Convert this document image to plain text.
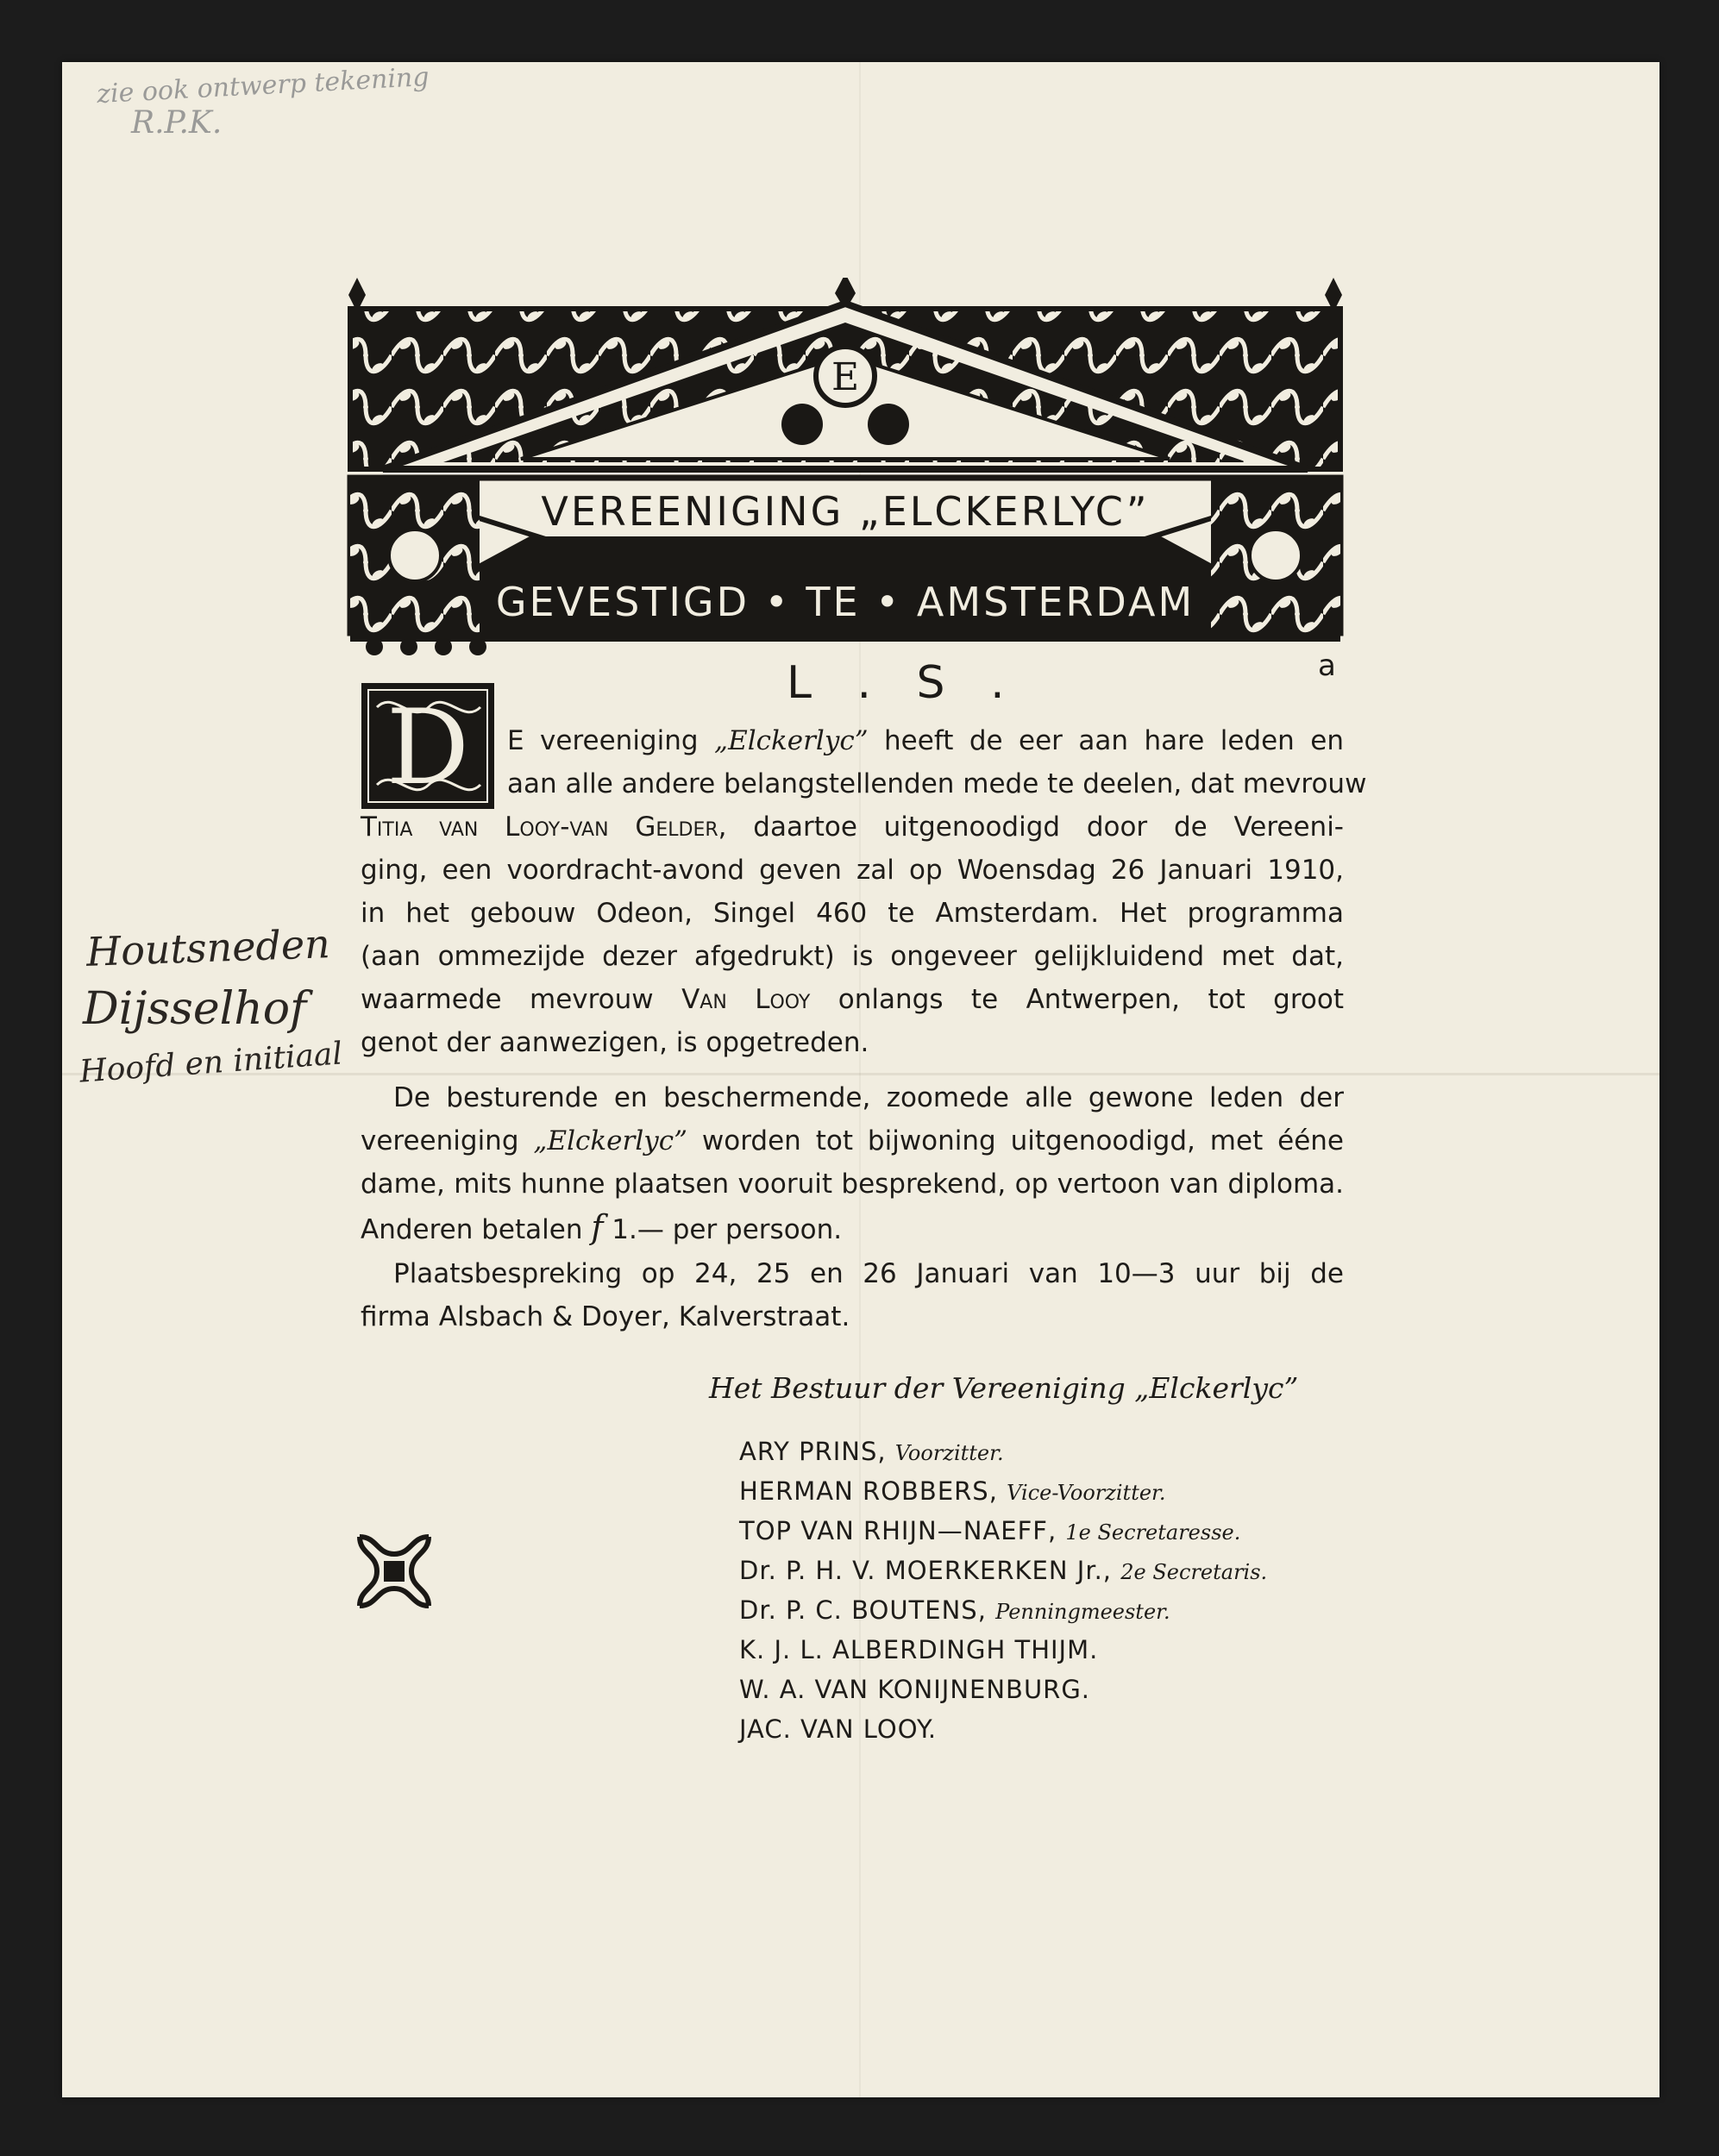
zie ook ontwerp tekening
R.P.K.
Houtsneden
Dijsselhof
Hoofd en initiaal
E
VEREENIGING „ELCKERLYC”
GEVESTIGD • TE • AMSTERDAM
L . S .	a
D	E vereeniging „Elckerlyc” heeft de eer aan hare leden en
aan alle andere belangstellenden mede te deelen, dat mevrouw
Titia van Looy-van Gelder, daartoe uitgenoodigd door de Vereeni-
ging, een voordracht-avond geven zal op Woensdag 26 Januari 1910,
in het gebouw Odeon, Singel 460 te Amsterdam. Het programma
(aan ommezijde dezer afgedrukt) is ongeveer gelijkluidend met dat,
waarmede mevrouw Van Looy onlangs te Antwerpen, tot groot
genot der aanwezigen, is opgetreden.
De besturende en beschermende, zoomede alle gewone leden der
vereeniging „Elckerlyc” worden tot bijwoning uitgenoodigd, met ééne
dame, mits hunne plaatsen vooruit besprekend, op vertoon van diploma.
Anderen betalen f 1.— per persoon.
Plaatsbespreking op 24, 25 en 26 Januari van 10—3 uur bij de
firma Alsbach & Doyer, Kalverstraat.
Het Bestuur der Vereeniging „Elckerlyc”
ARY PRINS, Voorzitter.
HERMAN ROBBERS, Vice-Voorzitter.
TOP VAN RHIJN—NAEFF, 1e Secretaresse.
Dr. P. H. V. MOERKERKEN Jr., 2e Secretaris.
Dr. P. C. BOUTENS, Penningmeester.
K. J. L. ALBERDINGH THIJM.
W. A. VAN KONIJNENBURG.
JAC. VAN LOOY.
